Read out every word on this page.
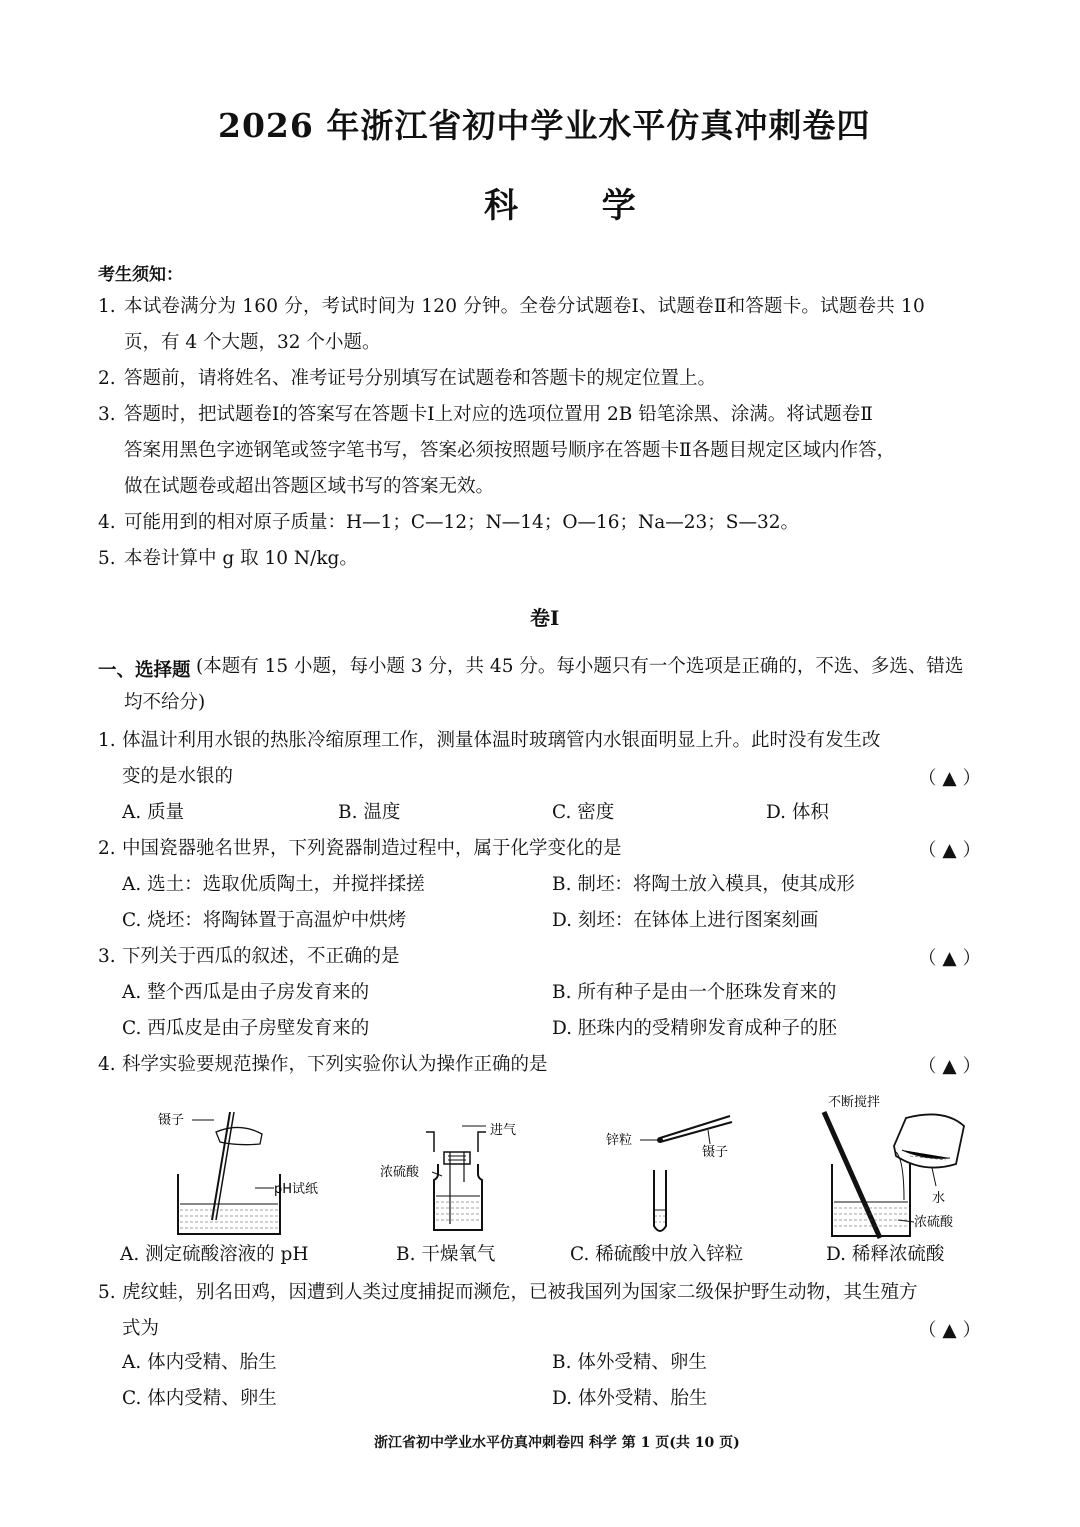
2026 年浙江省初中学业水平仿真冲刺卷四
科 学
考生须知：
1. 本试卷满分为 160 分，考试时间为 120 分钟。全卷分试题卷Ⅰ、试题卷Ⅱ和答题卡。试题卷共 10
页，有 4 个大题，32 个小题。
2. 答题前，请将姓名、准考证号分别填写在试题卷和答题卡的规定位置上。
3. 答题时，把试题卷Ⅰ的答案写在答题卡Ⅰ上对应的选项位置用 2B 铅笔涂黑、涂满。将试题卷Ⅱ
答案用黑色字迹钢笔或签字笔书写，答案必须按照题号顺序在答题卡Ⅱ各题目规定区域内作答，
做在试题卷或超出答题区域书写的答案无效。
4. 可能用到的相对原子质量：H—1；C—12；N—14；O—16；Na—23；S—32。
5. 本卷计算中 g 取 10 N/kg。
卷Ⅰ
一、选择题 (本题有 15 小题，每小题 3 分，共 45 分。每小题只有一个选项是正确的，不选、多选、错选
均不给分)
1. 体温计利用水银的热胀冷缩原理工作，测量体温时玻璃管内水银面明显上升。此时没有发生改
变的是水银的	（ ▲ ）
A. 质量	B. 温度	C. 密度	D. 体积
2. 中国瓷器驰名世界，下列瓷器制造过程中，属于化学变化的是	（ ▲ ）
A. 选土：选取优质陶土，并搅拌揉搓	B. 制坯：将陶土放入模具，使其成形
C. 烧坯：将陶钵置于高温炉中烘烤	D. 刻坯：在钵体上进行图案刻画
3. 下列关于西瓜的叙述，不正确的是	（ ▲ ）
A. 整个西瓜是由子房发育来的	B. 所有种子是由一个胚珠发育来的
C. 西瓜皮是由子房壁发育来的	D. 胚珠内的受精卵发育成种子的胚
4. 科学实验要规范操作，下列实验你认为操作正确的是	（ ▲ ）
镊子
pH试纸
进气
浓硫酸
锌粒
镊子
不断搅拌
水
浓硫酸
A. 测定硫酸溶液的 pH	B. 干燥氧气	C. 稀硫酸中放入锌粒	D. 稀释浓硫酸
5. 虎纹蛙，别名田鸡，因遭到人类过度捕捉而濒危，已被我国列为国家二级保护野生动物，其生殖方
式为	（ ▲ ）
A. 体内受精、胎生	B. 体外受精、卵生
C. 体内受精、卵生	D. 体外受精、胎生
浙江省初中学业水平仿真冲刺卷四 科学 第 1 页(共 10 页)
